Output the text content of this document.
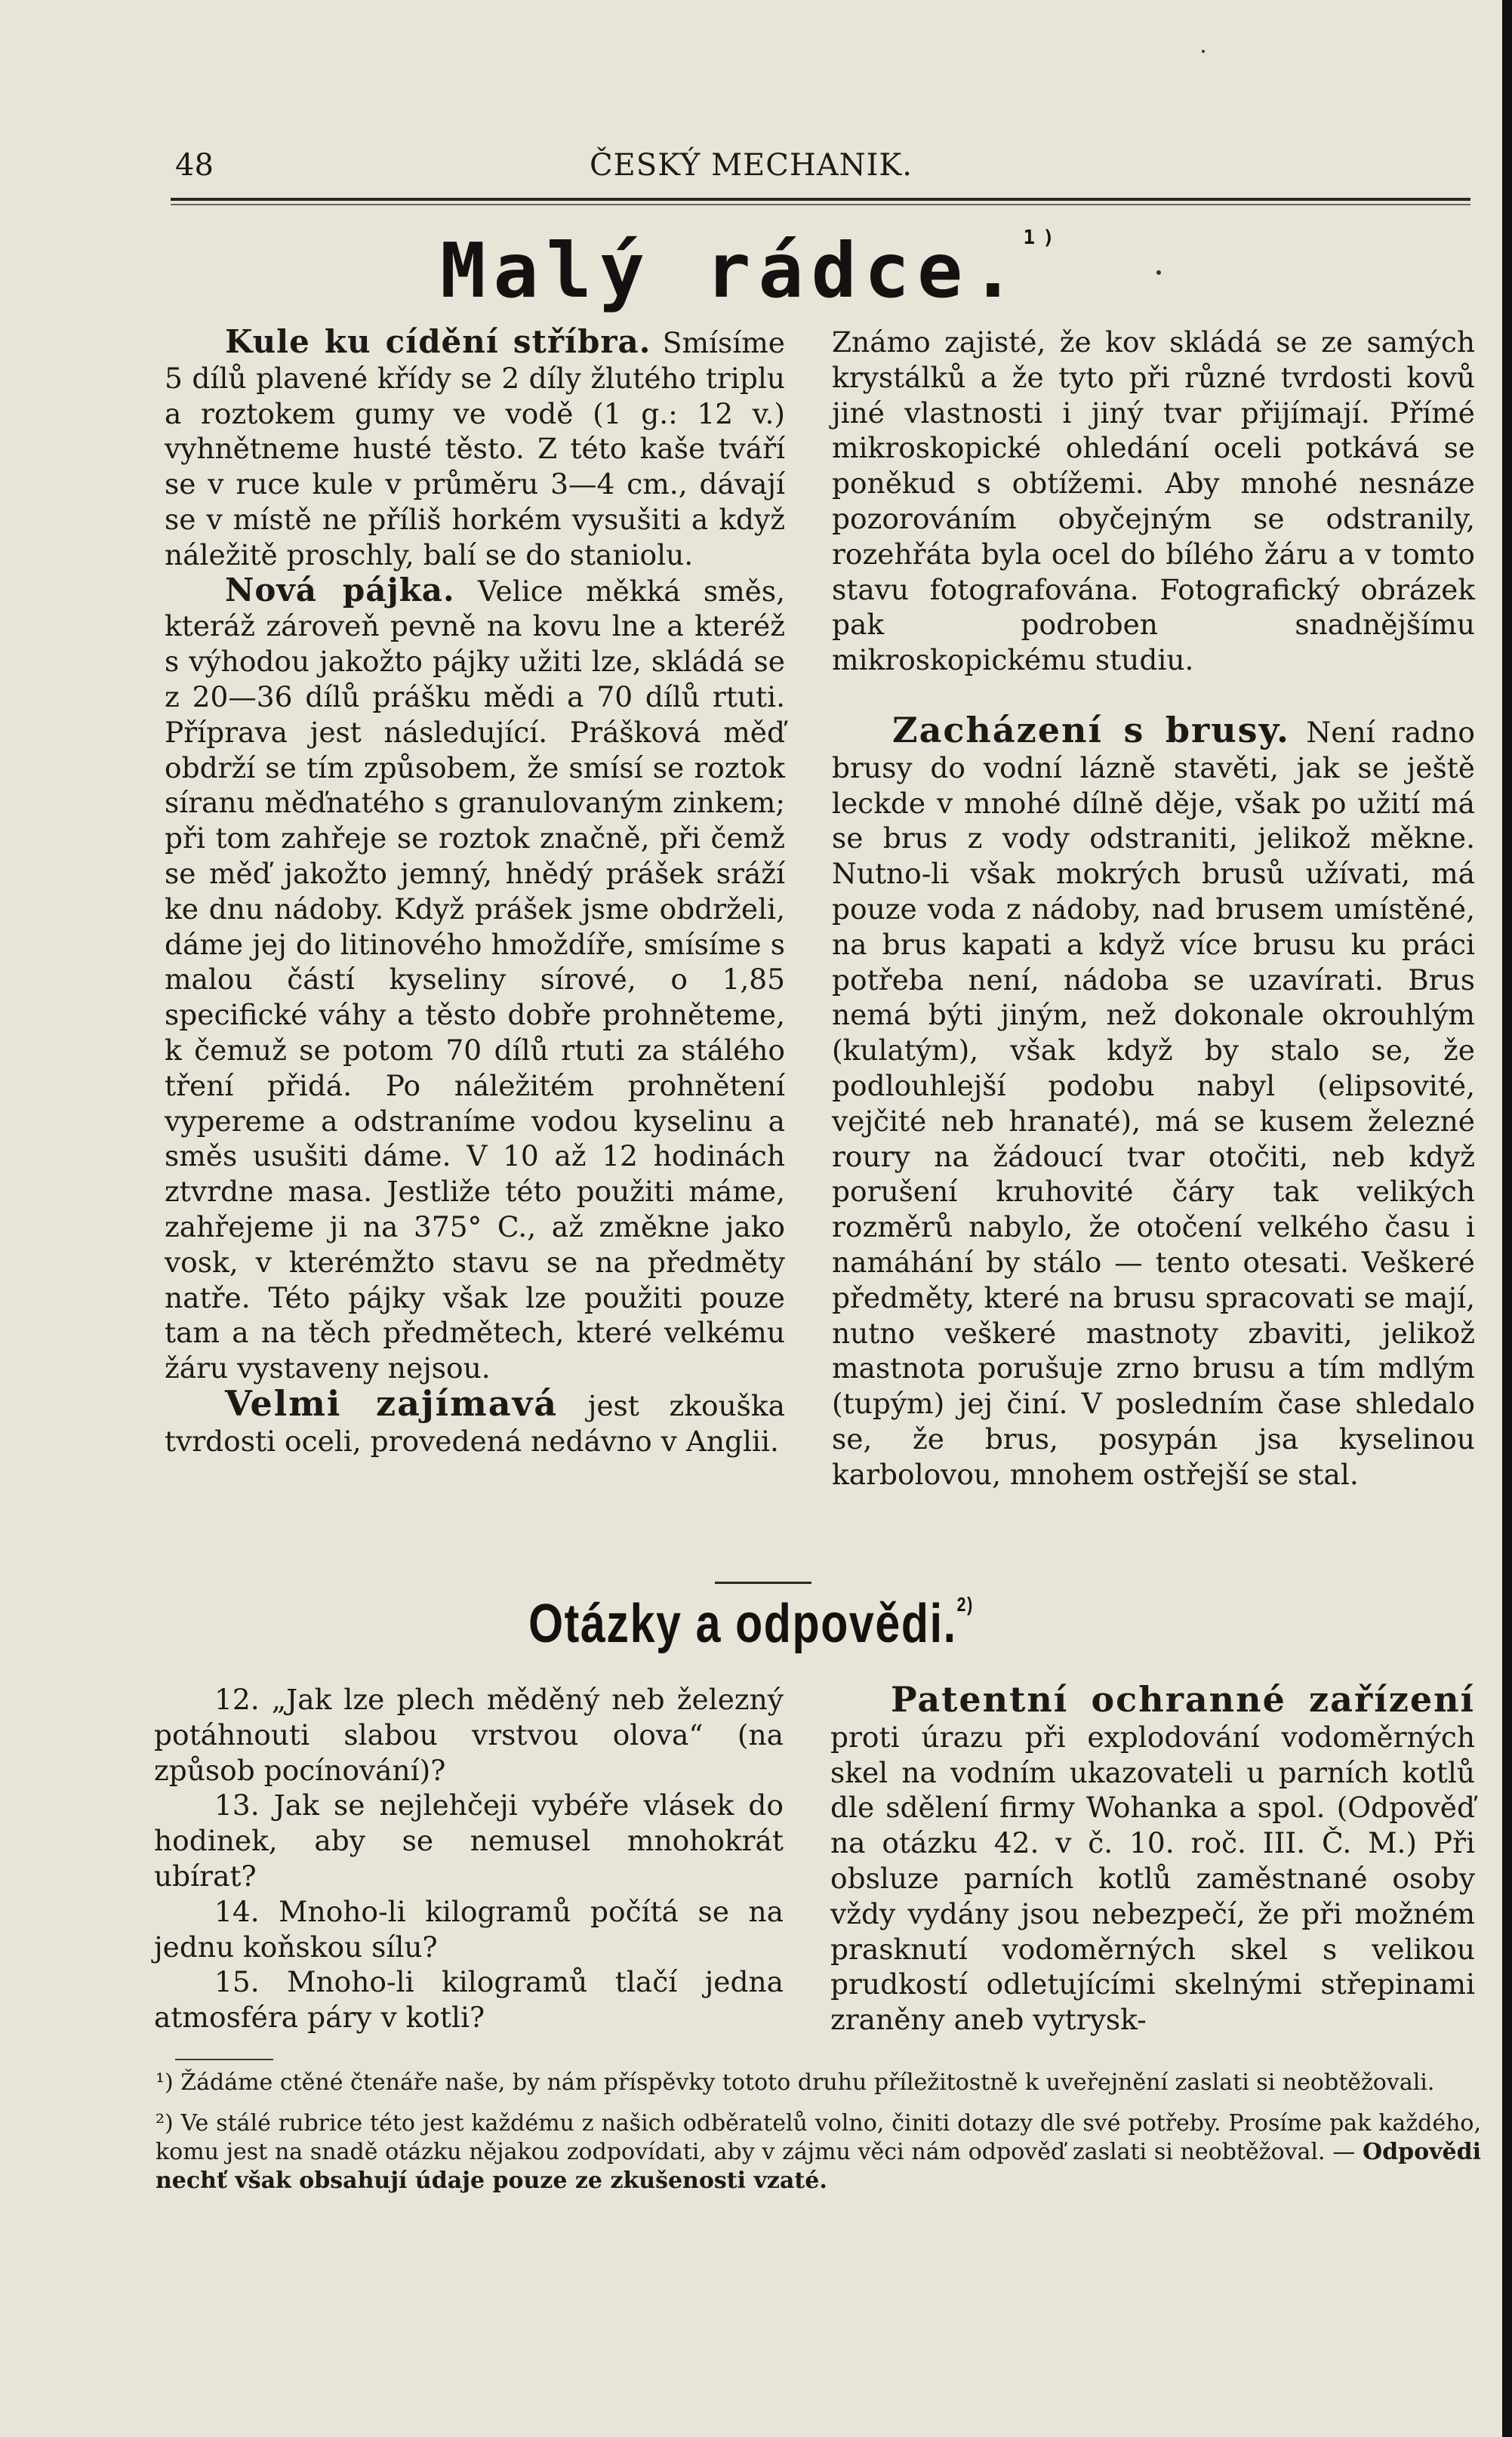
48	ČESKÝ MECHANIK.
Malý rádce.$^{1)}$

Kule ku cídění stříbra. Smísíme 5 dílů plavené křídy se 2 díly žlutého triplu a roztokem gumy ve vodě (1 g.: 12 v.) vyhnětneme husté těsto. Z této kaše tváří se v ruce kule v průměru 3—4 cm., dávají se v místě ne příliš horkém vysušiti a když náležitě proschly, balí se do staniolu.

Nová pájka. Velice měkká směs, kteráž zároveň pevně na kovu lne a kteréž s výhodou jakožto pájky užiti lze, skládá se z 20—36 dílů prášku mědi a 70 dílů rtuti. Příprava jest následující. Prášková měď obdrží se tím způsobem, že smísí se roztok síranu měďnatého s granulovaným zinkem; při tom zahřeje se roztok značně, při čemž se měď jakožto jemný, hnědý prášek sráží ke dnu nádoby. Když prášek jsme obdrželi, dáme jej do litinového hmoždíře, smísíme s malou částí kyseliny sírové, o 1,85 specifické váhy a těsto dobře prohněteme, k čemuž se potom 70 dílů rtuti za stálého tření přidá. Po náležitém prohnětení vypereme a odstraníme vodou kyselinu a směs usušiti dáme. V 10 až 12 hodinách ztvrdne masa. Jestliže této použiti máme, zahřejeme ji na 375° C., až změkne jako vosk, v kterémžto stavu se na předměty natře. Této pájky však lze použiti pouze tam a na těch předmětech, které velkému žáru vystaveny nejsou.

Velmi zajímavá jest zkouška tvrdosti oceli, provedená nedávno v Anglii.

Známo zajisté, že kov skládá se ze samých krystálků a že tyto při různé tvrdosti kovů jiné vlastnosti i jiný tvar přijímají. Přímé mikroskopické ohledání oceli potkává se poněkud s obtížemi. Aby mnohé nesnáze pozorováním obyčejným se odstranily, rozehřáta byla ocel do bílého žáru a v tomto stavu fotografována. Fotografický obrázek pak podroben snadnějšímu mikroskopickému studiu.

Zacházení s brusy. Není radno brusy do vodní lázně stavěti, jak se ještě leckde v mnohé dílně děje, však po užití má se brus z vody odstraniti, jelikož měkne. Nutno-li však mokrých brusů užívati, má pouze voda z nádoby, nad brusem umístěné, na brus kapati a když více brusu ku práci potřeba není, nádoba se uzavírati. Brus nemá býti jiným, než dokonale okrouhlým (kulatým), však když by stalo se, že podlouhlejší podobu nabyl (elipsovité, vejčité neb hranaté), má se kusem železné roury na žádoucí tvar otočiti, neb když porušení kruhovité čáry tak velikých rozměrů nabylo, že otočení velkého času i namáhání by stálo — tento otesati. Veškeré předměty, které na brusu spracovati se mají, nutno veškeré mastnoty zbaviti, jelikož mastnota porušuje zrno brusu a tím mdlým (tupým) jej činí. V posledním čase shledalo se, že brus, posypán jsa kyselinou karbolovou, mnohem ostřejší se stal.

Otázky a odpovědi.$^{2)}$

12. „Jak lze plech měděný neb železný potáhnouti slabou vrstvou olova“ (na způsob pocínování)?

13. Jak se nejlehčeji vybéře vlásek do hodinek, aby se nemusel mnohokrát ubírat?

14. Mnoho-li kilogramů počítá se na jednu koňskou sílu?

15. Mnoho-li kilogramů tlačí jedna atmosféra páry v kotli?

Patentní ochranné zařízení proti úrazu při explodování vodoměrných skel na vodním ukazovateli u parních kotlů dle sdělení firmy Wohanka a spol. (Odpověď na otázku 42. v č. 10. roč. III. Č. M.) Při obsluze parních kotlů zaměstnané osoby vždy vydány jsou nebezpečí, že při možném prasknutí vodoměrných skel s velikou prudkostí odletujícími skelnými střepinami zraněny aneb vytrysk-

¹) Žádáme ctěné čtenáře naše, by nám příspěvky tototo druhu příležitostně k uveřejnění zaslati si neobtěžovali.

²) Ve stálé rubrice této jest každému z našich odběratelů volno, činiti dotazy dle své potřeby. Prosíme pak každého, komu jest na snadě otázku nějakou zodpovídati, aby v zájmu věci nám odpověď zaslati si neobtěžoval. — Odpovědi nechť však obsahují údaje pouze ze zkušenosti vzaté.
